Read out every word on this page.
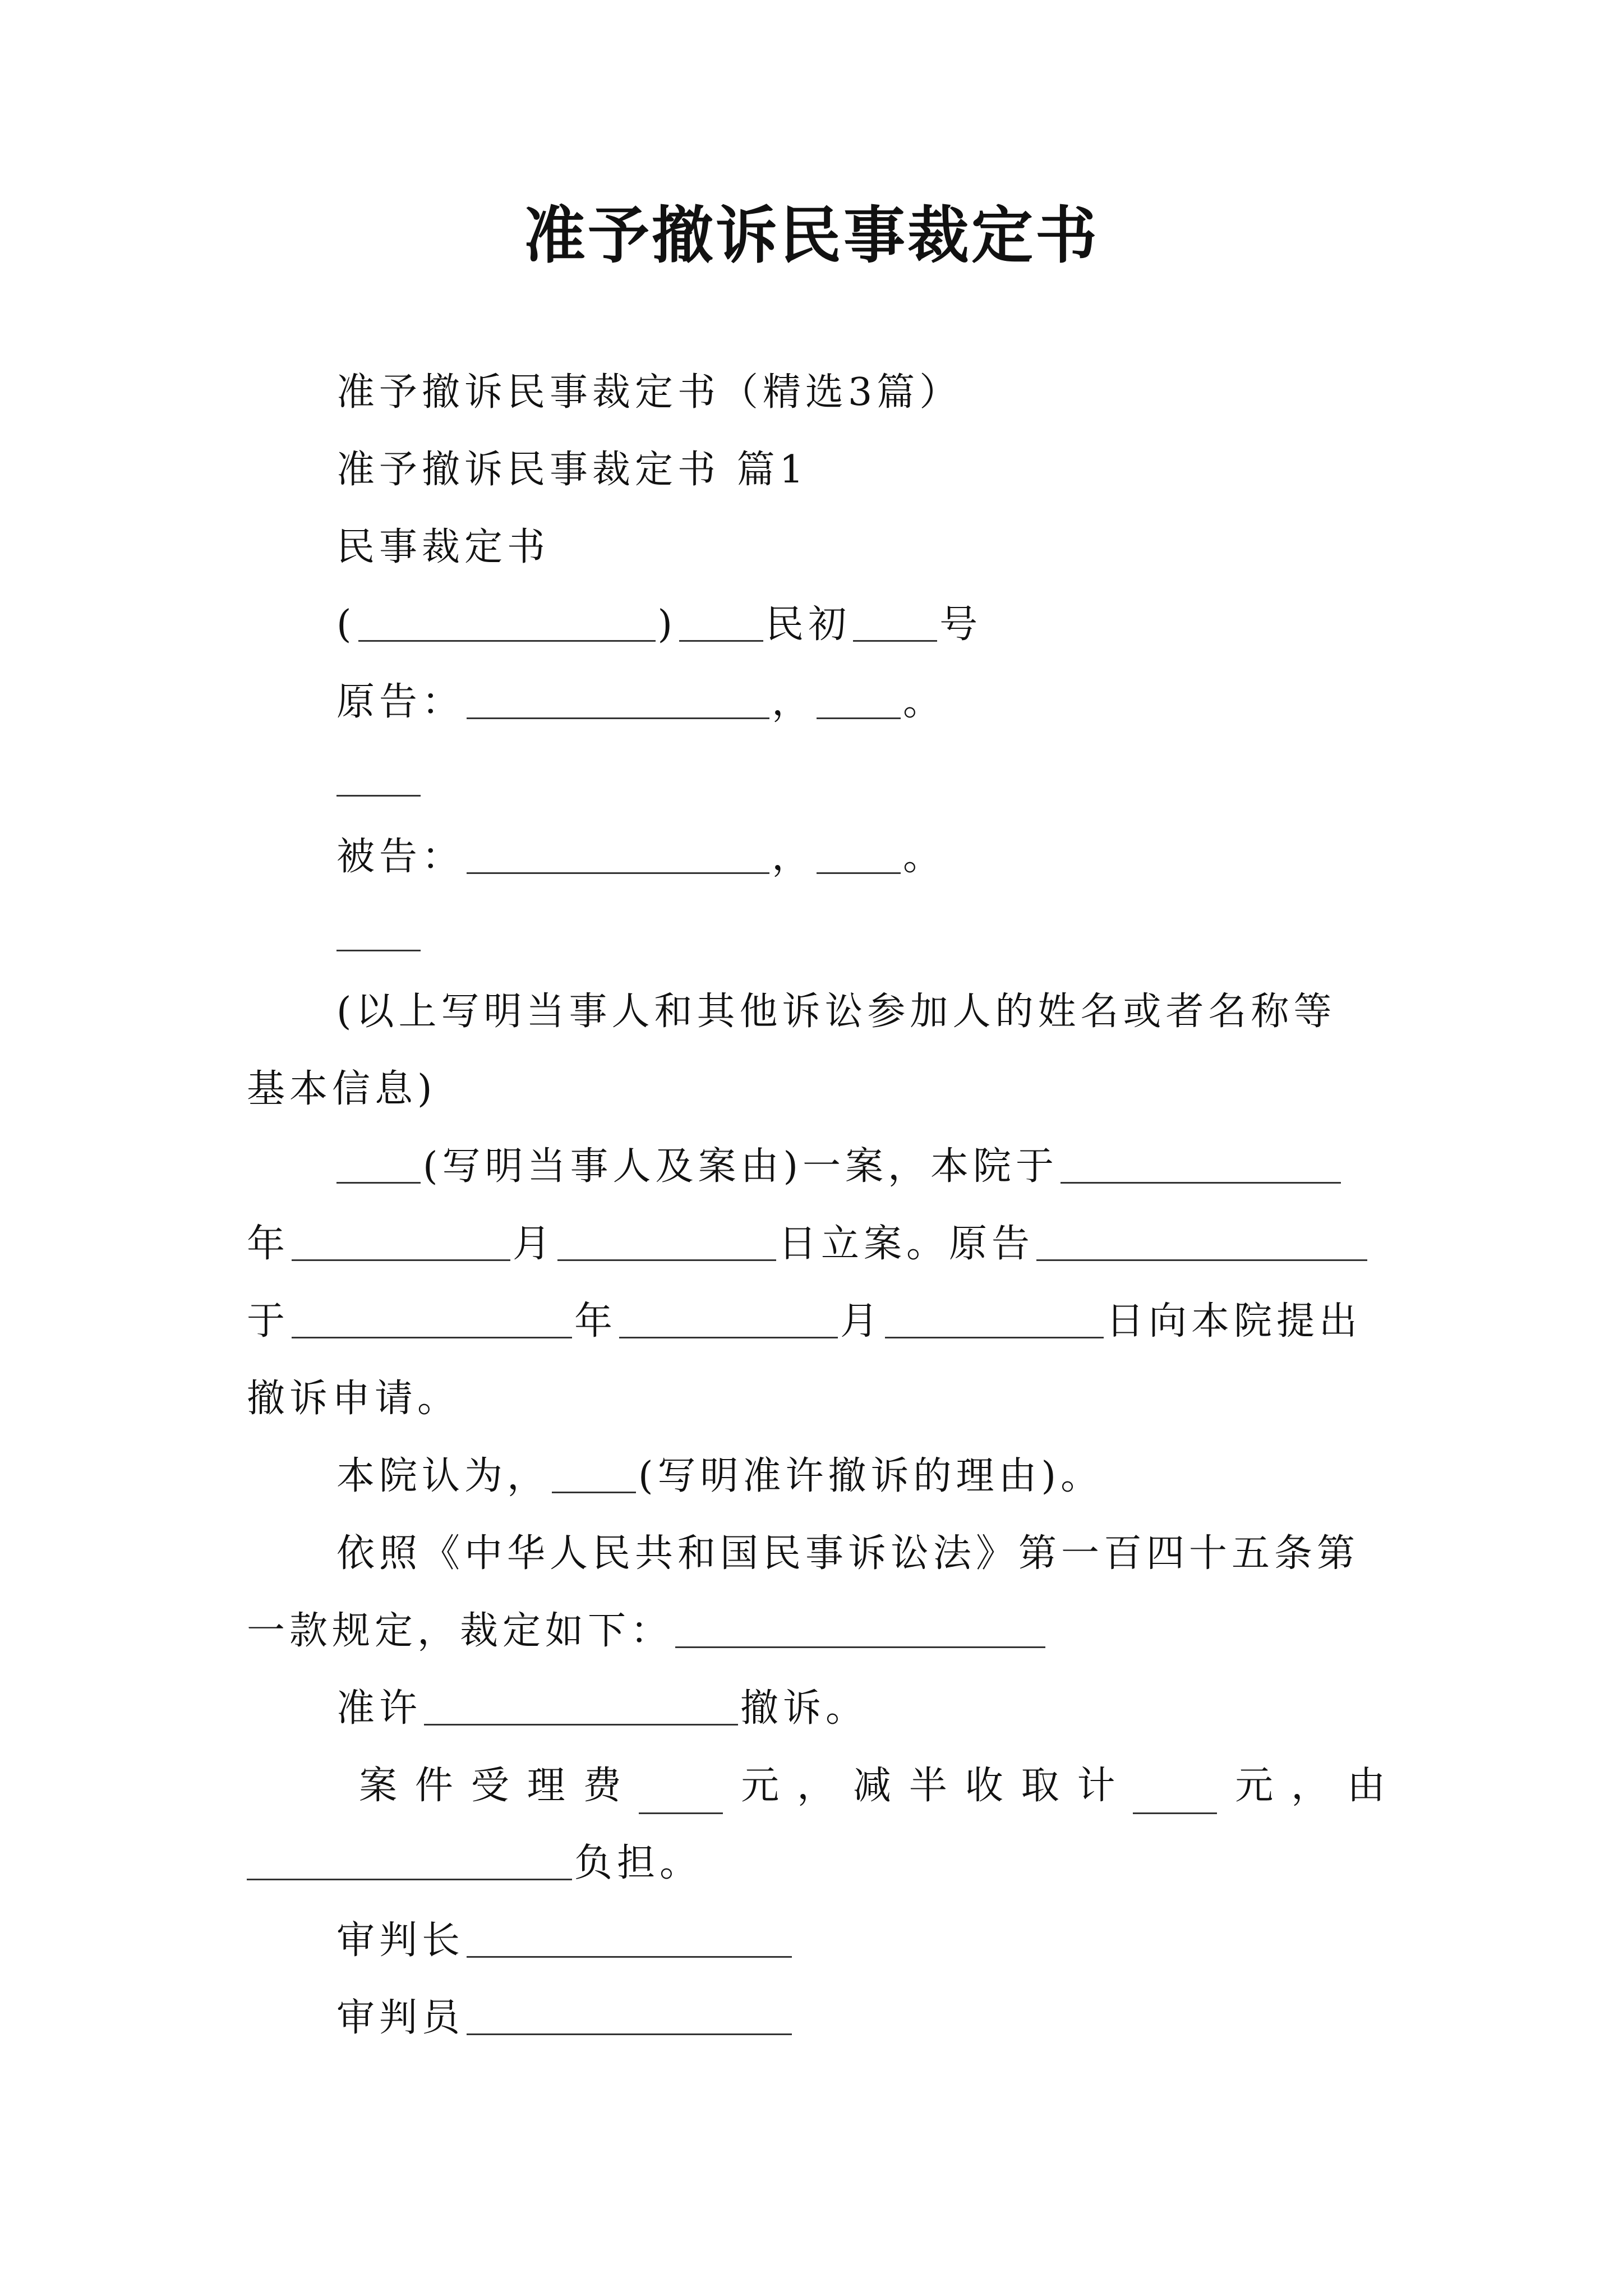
准予撤诉民事裁定书
准予撤诉民事裁定书（精选3篇）
准予撤诉民事裁定书 篇1
民事裁定书
(	) 民初 号
原告：	， 。
被告：	， 。
(以上写明当事人和其他诉讼参加人的姓名或者名称等
基本信息)
(写明当事人及案由)一案，本院于
年	月	日立案。原告
于	年	月	日向本院提出
撤诉申请。
本院认为， (写明准许撤诉的理由)。
依照《中华人民共和国民事诉讼法》第一百四十五条第
一款规定，裁定如下：
准许	撤诉。
案 件 受 理 费	元 ， 减 半 收 取 计	元 ， 由
负担。
审判长
审判员
